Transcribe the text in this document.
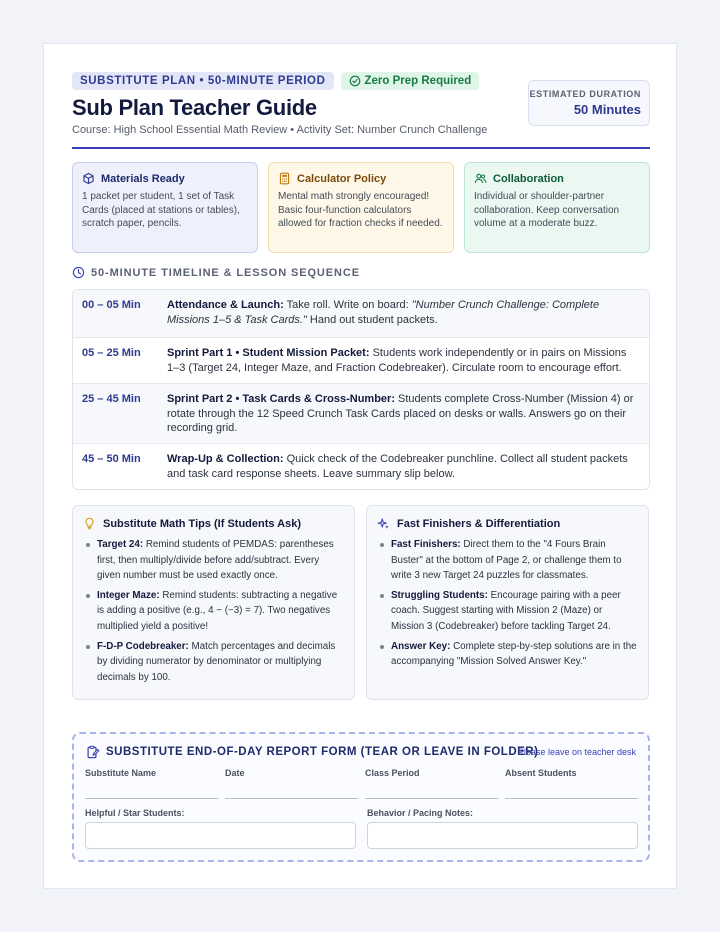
SUBSTITUTE PLAN • 50-MINUTE PERIOD	Zero Prep Required
Sub Plan Teacher Guide
Course: High School Essential Math Review • Activity Set: Number Crunch Challenge
ESTIMATED DURATION
50 Minutes
Materials Ready
1 packet per student, 1 set of Task Cards (placed at stations or tables), scratch paper, pencils.
Calculator Policy
Mental math strongly encouraged! Basic four-function calculators allowed for fraction checks if needed.
Collaboration
Individual or shoulder-partner collaboration. Keep conversation volume at a moderate buzz.
50-MINUTE TIMELINE & LESSON SEQUENCE
00 – 05 Min Attendance & Launch: Take roll. Write on board: "Number Crunch Challenge: Complete Missions 1–5 & Task Cards." Hand out student packets.
05 – 25 Min Sprint Part 1 • Student Mission Packet: Students work independently or in pairs on Missions 1–3 (Target 24, Integer Maze, and Fraction Codebreaker). Circulate room to encourage effort.
25 – 45 Min Sprint Part 2 • Task Cards & Cross-Number: Students complete Cross-Number (Mission 4) or rotate through the 12 Speed Crunch Task Cards placed on desks or walls. Answers go on their recording grid.
45 – 50 Min Wrap-Up & Collection: Quick check of the Codebreaker punchline. Collect all student packets and task card response sheets. Leave summary slip below.
Substitute Math Tips (If Students Ask)
Target 24: Remind students of PEMDAS: parentheses first, then multiply/divide before add/subtract. Every given number must be used exactly once.
Integer Maze: Remind students: subtracting a negative is adding a positive (e.g., 4 − (−3) = 7). Two negatives multiplied yield a positive!
F-D-P Codebreaker: Match percentages and decimals by dividing numerator by denominator or multiplying decimals by 100.
Fast Finishers & Differentiation
Fast Finishers: Direct them to the "4 Fours Brain Buster" at the bottom of Page 2, or challenge them to write 3 new Target 24 puzzles for classmates.
Struggling Students: Encourage pairing with a peer coach. Suggest starting with Mission 2 (Maze) or Mission 3 (Codebreaker) before tackling Target 24.
Answer Key: Complete step-by-step solutions are in the accompanying "Mission Solved Answer Key."
SUBSTITUTE END-OF-DAY REPORT FORM (TEAR OR LEAVE IN FOLDER)
Please leave on teacher desk
Substitute Name	Date	Class Period	Absent Students
Helpful / Star Students:	Behavior / Pacing Notes:
